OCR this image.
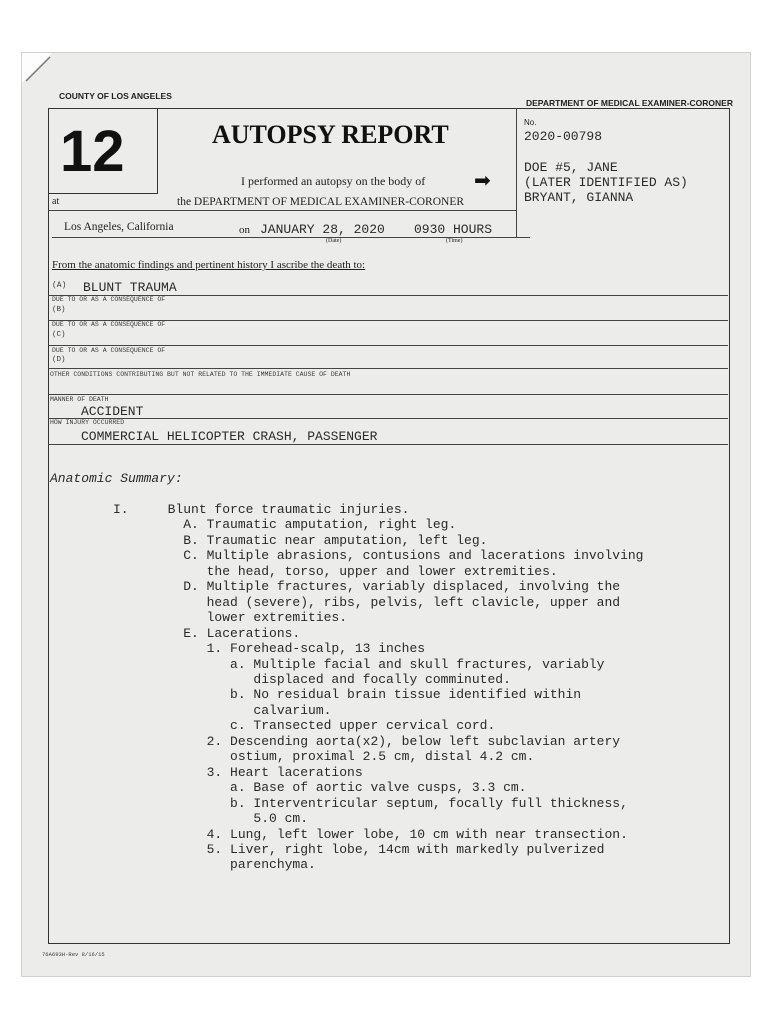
COUNTY OF LOS ANGELES
DEPARTMENT OF MEDICAL EXAMINER-CORONER
12	AUTOPSY REPORT
I performed an autopsy on the body of ➡
No.
2020-00798
DOE #5, JANE
(LATER IDENTIFIED AS)
BRYANT, GIANNA
at	the DEPARTMENT OF MEDICAL EXAMINER-CORONER
Los Angeles, California	on JANUARY 28, 2020 0930 HOURS
(Date)	(Time)
From the anatomic findings and pertinent history I ascribe the death to:
(A) BLUNT TRAUMA
DUE TO OR AS A CONSEQUENCE OF
(B)
DUE TO OR AS A CONSEQUENCE OF
(C)
DUE TO OR AS A CONSEQUENCE OF
(D)
OTHER CONDITIONS CONTRIBUTING BUT NOT RELATED TO THE IMMEDIATE CAUSE OF DEATH
MANNER OF DEATH
ACCIDENT
HOW INJURY OCCURRED
COMMERCIAL HELICOPTER CRASH, PASSENGER
Anatomic Summary:
I.     Blunt force traumatic injuries.
A. Traumatic amputation, right leg.
B. Traumatic near amputation, left leg.
C. Multiple abrasions, contusions and lacerations involving
the head, torso, upper and lower extremities.
D. Multiple fractures, variably displaced, involving the
head (severe), ribs, pelvis, left clavicle, upper and
lower extremities.
E. Lacerations.
1. Forehead-scalp, 13 inches
a. Multiple facial and skull fractures, variably
displaced and focally comminuted.
b. No residual brain tissue identified within
calvarium.
c. Transected upper cervical cord.
2. Descending aorta(x2), below left subclavian artery
ostium, proximal 2.5 cm, distal 4.2 cm.
3. Heart lacerations
a. Base of aortic valve cusps, 3.3 cm.
b. Interventricular septum, focally full thickness,
5.0 cm.
4. Lung, left lower lobe, 10 cm with near transection.
5. Liver, right lobe, 14cm with markedly pulverized
parenchyma.
76A693H-Rev 8/16/15
